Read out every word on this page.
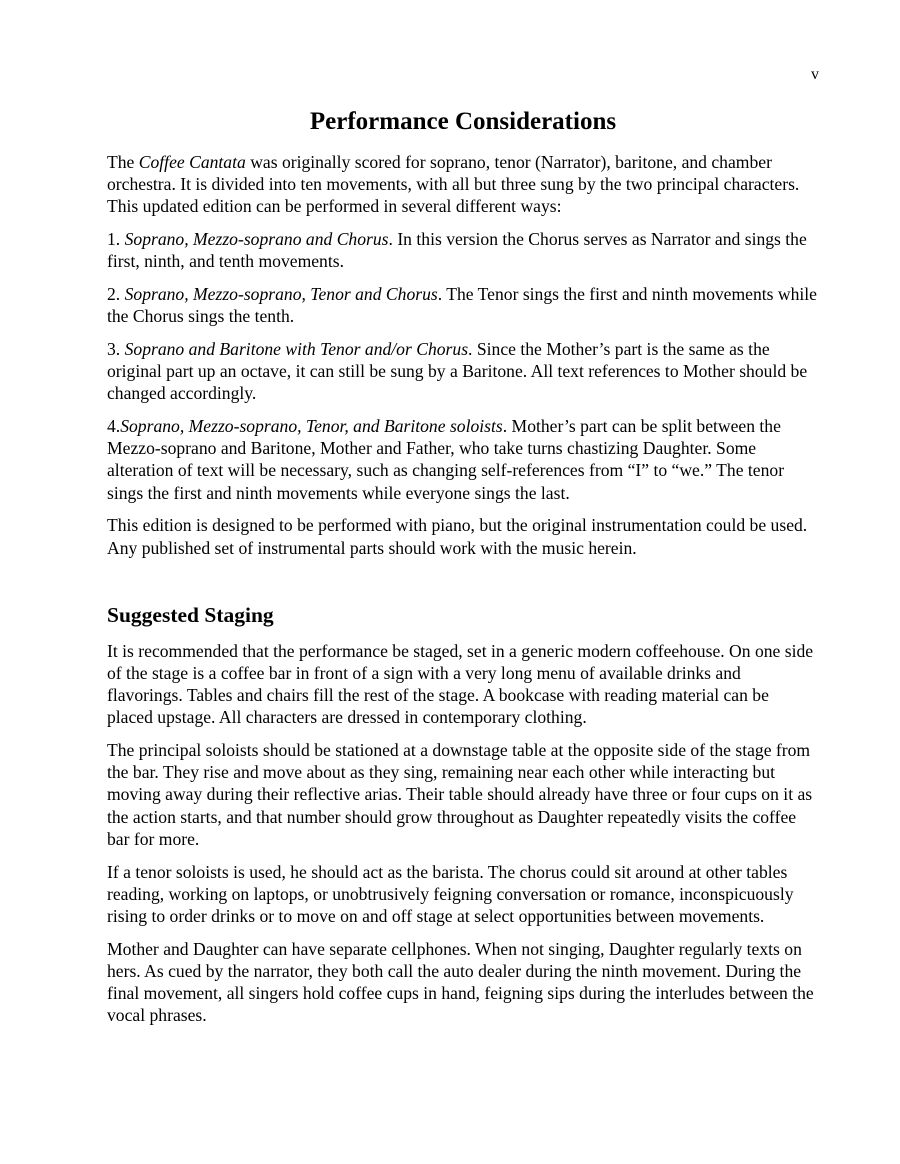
v
Performance Considerations

The Coffee Cantata was originally scored for soprano, tenor (Narrator), baritone, and chamber orchestra. It is divided into ten movements, with all but three sung by the two principal characters. This updated edition can be performed in several different ways:

1. Soprano, Mezzo-soprano and Chorus. In this version the Chorus serves as Narrator and sings the first, ninth, and tenth movements.

2. Soprano, Mezzo-soprano, Tenor and Chorus. The Tenor sings the first and ninth movements while the Chorus sings the tenth.

3. Soprano and Baritone with Tenor and/or Chorus. Since the Mother’s part is the same as the original part up an octave, it can still be sung by a Baritone. All text references to Mother should be changed accordingly.

4.Soprano, Mezzo-soprano, Tenor, and Baritone soloists. Mother’s part can be split between the Mezzo-soprano and Baritone, Mother and Father, who take turns chastizing Daughter. Some alteration of text will be necessary, such as changing self-references from “I” to “we.” The tenor sings the first and ninth movements while everyone sings the last.

This edition is designed to be performed with piano, but the original instrumentation could be used. Any published set of instrumental parts should work with the music herein.

Suggested Staging

It is recommended that the performance be staged, set in a generic modern coffeehouse. On one side of the stage is a coffee bar in front of a sign with a very long menu of available drinks and flavorings. Tables and chairs fill the rest of the stage. A bookcase with reading material can be placed upstage. All characters are dressed in contemporary clothing.

The principal soloists should be stationed at a downstage table at the opposite side of the stage from the bar. They rise and move about as they sing, remaining near each other while interacting but moving away during their reflective arias. Their table should already have three or four cups on it as the action starts, and that number should grow throughout as Daughter repeatedly visits the coffee bar for more.

If a tenor soloists is used, he should act as the barista. The chorus could sit around at other tables reading, working on laptops, or unobtrusively feigning conversation or romance, inconspicuously rising to order drinks or to move on and off stage at select opportunities between movements.

Mother and Daughter can have separate cellphones. When not singing, Daughter regularly texts on hers. As cued by the narrator, they both call the auto dealer during the ninth movement. During the final movement, all singers hold coffee cups in hand, feigning sips during the interludes between the vocal phrases.
